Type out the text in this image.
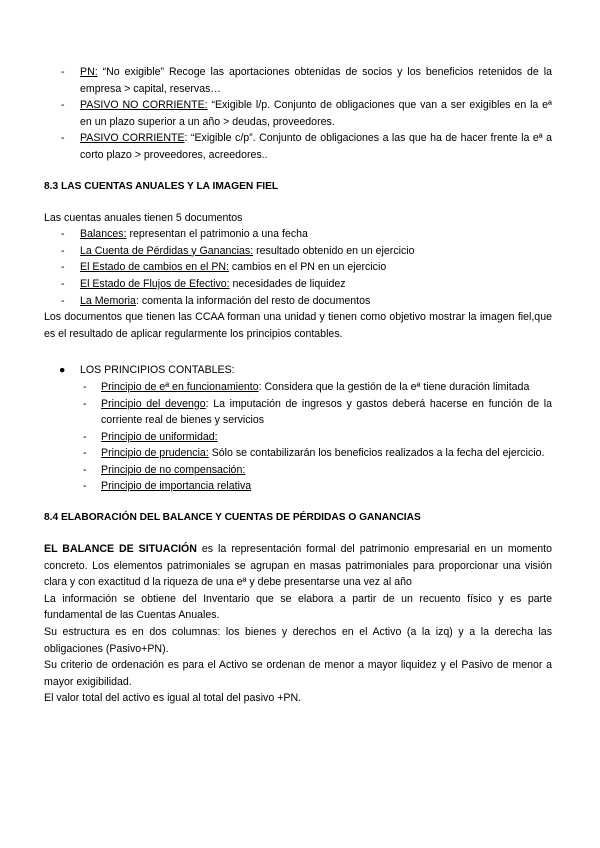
- PN: “No exigible” Recoge las aportaciones obtenidas de socios y los beneficios retenidos de la empresa > capital, reservas…
- PASIVO NO CORRIENTE: “Exigible l/p. Conjunto de obligaciones que van a ser exigibles en la eª en un plazo superior a un año > deudas, proveedores.
- PASIVO CORRIENTE: “Exigible c/p”. Conjunto de obligaciones a las que ha de hacer frente la eª a corto plazo > proveedores, acreedores..
8.3 LAS CUENTAS ANUALES Y LA IMAGEN FIEL
Las cuentas anuales tienen 5 documentos
- Balances: representan el patrimonio a una fecha
- La Cuenta de Pérdidas y Ganancias: resultado obtenido en un ejercicio
- El Estado de cambios en el PN: cambios en el PN en un ejercicio
- El Estado de Flujos de Efectivo: necesidades de liquidez
- La Memoria: comenta la información del resto de documentos
Los documentos que tienen las CCAA forman una unidad y tienen como objetivo mostrar la imagen fiel,que es el resultado de aplicar regularmente los principios contables.
● LOS PRINCIPIOS CONTABLES:
- Principio de eª en funcionamiento: Considera que la gestión de la eª tiene duración limitada
- Principio del devengo: La imputación de ingresos y gastos deberá hacerse en función de la corriente real de bienes y servicios
- Principio de uniformidad:
- Principio de prudencia: Sólo se contabilizarán los beneficios realizados a la fecha del ejercicio.
- Principio de no compensación:
- Principio de importancia relativa
8.4 ELABORACIÓN DEL BALANCE Y CUENTAS DE PÉRDIDAS O GANANCIAS
EL BALANCE DE SITUACIÓN es la representación formal del patrimonio empresarial en un momento concreto. Los elementos patrimoniales se agrupan en masas patrimoniales para proporcionar una visión clara y con exactitud d la riqueza de una eª y debe presentarse una vez al año
La información se obtiene del Inventario que se elabora a partir de un recuento físico y es parte fundamental de las Cuentas Anuales.
Su estructura es en dos columnas: los bienes y derechos en el Activo (a la izq) y a la derecha las obligaciones (Pasivo+PN).
Su criterio de ordenación es para el Activo se ordenan de menor a mayor liquidez y el Pasivo de menor a mayor exigibilidad.
El valor total del activo es igual al total del pasivo +PN.
